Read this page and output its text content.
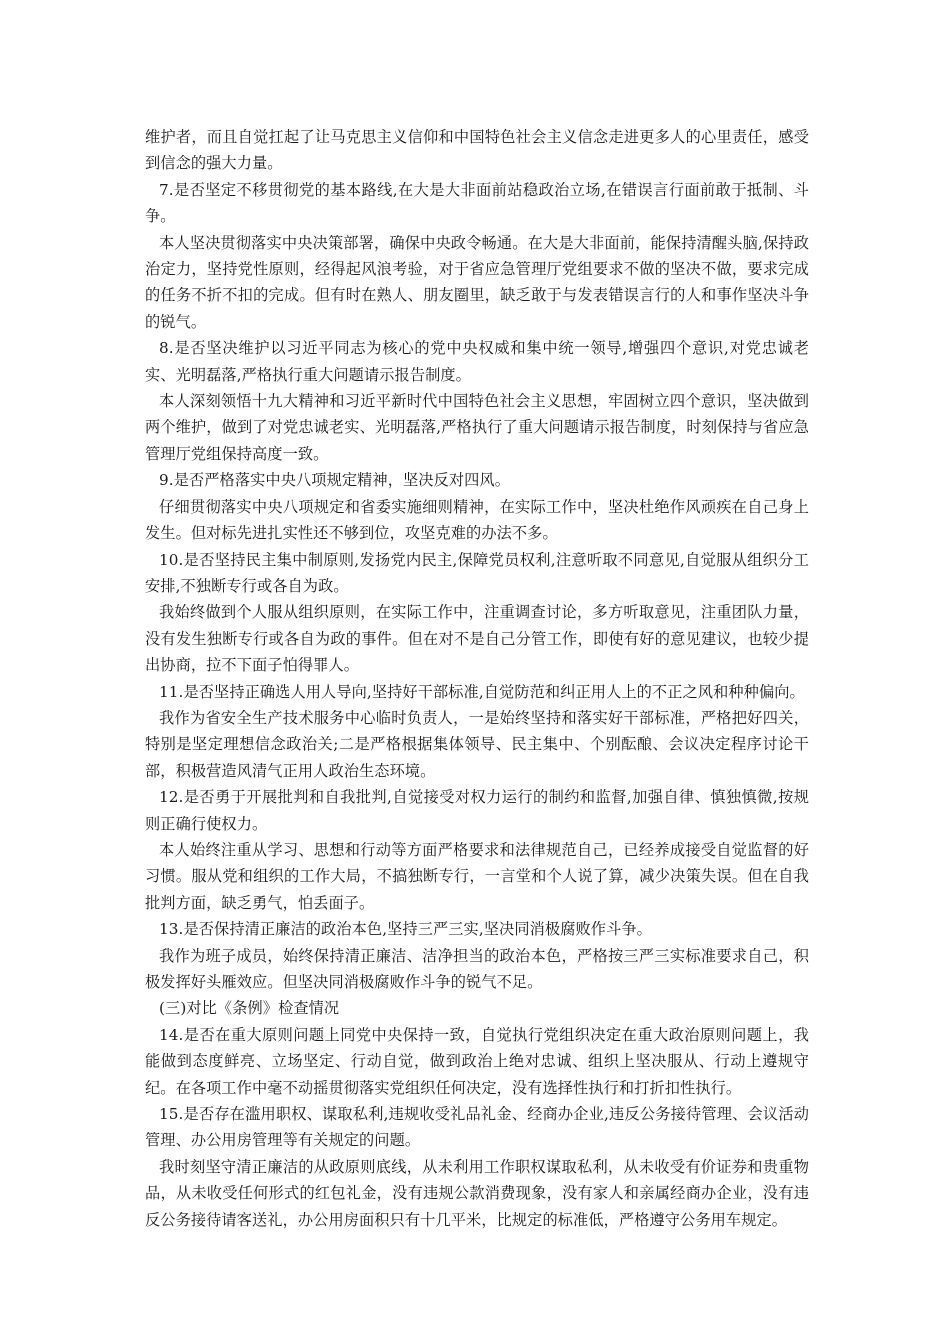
维护者，而且自觉扛起了让马克思主义信仰和中国特色社会主义信念走进更多人的心里责任，感受到信念的强大力量。

7.是否坚定不移贯彻党的基本路线,在大是大非面前站稳政治立场,在错误言行面前敢于抵制、斗争。

本人坚决贯彻落实中央决策部署，确保中央政令畅通。在大是大非面前，能保持清醒头脑,保持政治定力，坚持党性原则，经得起风浪考验，对于省应急管理厅党组要求不做的坚决不做，要求完成的任务不折不扣的完成。但有时在熟人、朋友圈里，缺乏敢于与发表错误言行的人和事作坚决斗争的锐气。

8.是否坚决维护以习近平同志为核心的党中央权威和集中统一领导,增强四个意识,对党忠诚老实、光明磊落,严格执行重大问题请示报告制度。

本人深刻领悟十九大精神和习近平新时代中国特色社会主义思想，牢固树立四个意识，坚决做到两个维护，做到了对党忠诚老实、光明磊落,严格执行了重大问题请示报告制度，时刻保持与省应急管理厅党组保持高度一致。

9.是否严格落实中央八项规定精神，坚决反对四风。

仔细贯彻落实中央八项规定和省委实施细则精神，在实际工作中，坚决杜绝作风顽疾在自己身上发生。但对标先进扎实性还不够到位，攻坚克难的办法不多。

10.是否坚持民主集中制原则,发扬党内民主,保障党员权利,注意听取不同意见,自觉服从组织分工安排,不独断专行或各自为政。

我始终做到个人服从组织原则，在实际工作中，注重调查讨论，多方听取意见，注重团队力量，没有发生独断专行或各自为政的事件。但在对不是自己分管工作，即使有好的意见建议，也较少提出协商，拉不下面子怕得罪人。

11.是否坚持正确选人用人导向,坚持好干部标准,自觉防范和纠正用人上的不正之风和种种偏向。

我作为省安全生产技术服务中心临时负责人，一是始终坚持和落实好干部标准，严格把好四关，特别是坚定理想信念政治关;二是严格根据集体领导、民主集中、个别酝酿、会议决定程序讨论干部，积极营造风清气正用人政治生态环境。

12.是否勇于开展批判和自我批判,自觉接受对权力运行的制约和监督,加强自律、慎独慎微,按规则正确行使权力。

本人始终注重从学习、思想和行动等方面严格要求和法律规范自己，已经养成接受自觉监督的好习惯。服从党和组织的工作大局，不搞独断专行，一言堂和个人说了算，减少决策失误。但在自我批判方面，缺乏勇气，怕丢面子。

13.是否保持清正廉洁的政治本色,坚持三严三实,坚决同消极腐败作斗争。

我作为班子成员，始终保持清正廉洁、洁净担当的政治本色，严格按三严三实标准要求自己，积极发挥好头雁效应。但坚决同消极腐败作斗争的锐气不足。

(三)对比《条例》检查情况

14.是否在重大原则问题上同党中央保持一致，自觉执行党组织决定在重大政治原则问题上，我能做到态度鲜亮、立场坚定、行动自觉，做到政治上绝对忠诚、组织上坚决服从、行动上遵规守纪。在各项工作中毫不动摇贯彻落实党组织任何决定，没有选择性执行和打折扣性执行。

15.是否存在滥用职权、谋取私利,违规收受礼品礼金、经商办企业,违反公务接待管理、会议活动管理、办公用房管理等有关规定的问题。

我时刻坚守清正廉洁的从政原则底线，从未利用工作职权谋取私利，从未收受有价证券和贵重物品，从未收受任何形式的红包礼金，没有违规公款消费现象，没有家人和亲属经商办企业，没有违反公务接待请客送礼，办公用房面积只有十几平米，比规定的标准低，严格遵守公务用车规定。
